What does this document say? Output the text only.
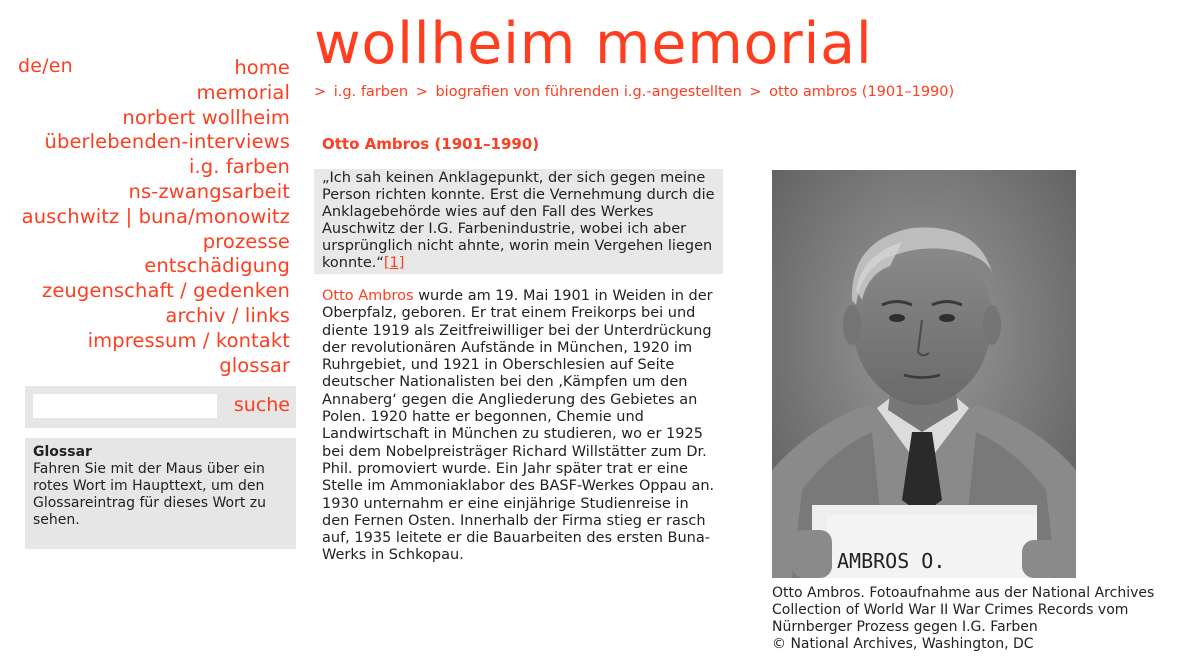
de/en	home
memorial
norbert wollheim
überlebenden-interviews
i.g. farben
ns-zwangsarbeit
auschwitz | buna/monowitz
prozesse
entschädigung
zeugenschaft / gedenken
archiv / links
impressum / kontakt
glossar
suche
Glossar
Fahren Sie mit der Maus über ein rotes Wort im Haupttext, um den Glossareintrag für dieses Wort zu sehen.
wollheim memorial
> i.g. farben > biografien von führenden i.g.-angestellten > otto ambros (1901–1990)
Otto Ambros (1901–1990)
„Ich sah keinen Anklagepunkt, der sich gegen meine Person richten konnte. Erst die Vernehmung durch die Anklagebehörde wies auf den Fall des Werkes Auschwitz der I.G. Farbenindustrie, wobei ich aber ursprünglich nicht ahnte, worin mein Vergehen liegen konnte.“[1]

Otto Ambros wurde am 19. Mai 1901 in Weiden in der Oberpfalz, geboren. Er trat einem Freikorps bei und diente 1919 als Zeitfreiwilliger bei der Unterdrückung der revolutionären Aufstände in München, 1920 im Ruhrgebiet, und 1921 in Oberschlesien auf Seite deutscher Nationalisten bei den ‚Kämpfen um den Annaberg‘ gegen die Angliederung des Gebietes an Polen. 1920 hatte er begonnen, Chemie und Landwirtschaft in München zu studieren, wo er 1925 bei dem Nobelpreisträger Richard Willstätter zum Dr. Phil. promoviert wurde. Ein Jahr später trat er eine Stelle im Ammoniaklabor des BASF-Werkes Oppau an. 1930 unternahm er eine einjährige Studienreise in den Fernen Osten. Innerhalb der Firma stieg er rasch auf, 1935 leitete er die Bauarbeiten des ersten Buna-Werks in Schkopau.	AMBROS O.
Otto Ambros. Fotoaufnahme aus der National Archives
Collection of World War II War Crimes Records vom
Nürnberger Prozess gegen I.G. Farben
© National Archives, Washington, DC
